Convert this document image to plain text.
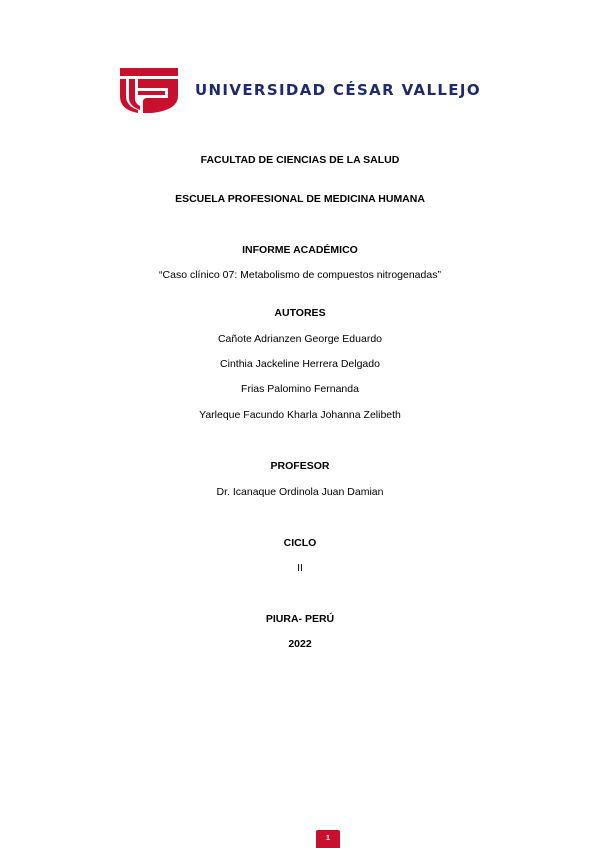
UNIVERSIDAD CÉSAR VALLEJO
FACULTAD DE CIENCIAS DE LA SALUD
ESCUELA PROFESIONAL DE MEDICINA HUMANA
INFORME ACADÉMICO
“Caso clínico 07: Metabolismo de compuestos nitrogenadas”
AUTORES
Cañote Adrianzen George Eduardo
Cinthia Jackeline Herrera Delgado
Frias Palomino Fernanda
Yarleque Facundo Kharla Johanna Zelibeth
PROFESOR
Dr. Icanaque Ordinola Juan Damian
CICLO
II
PIURA- PERÚ
2022
1
